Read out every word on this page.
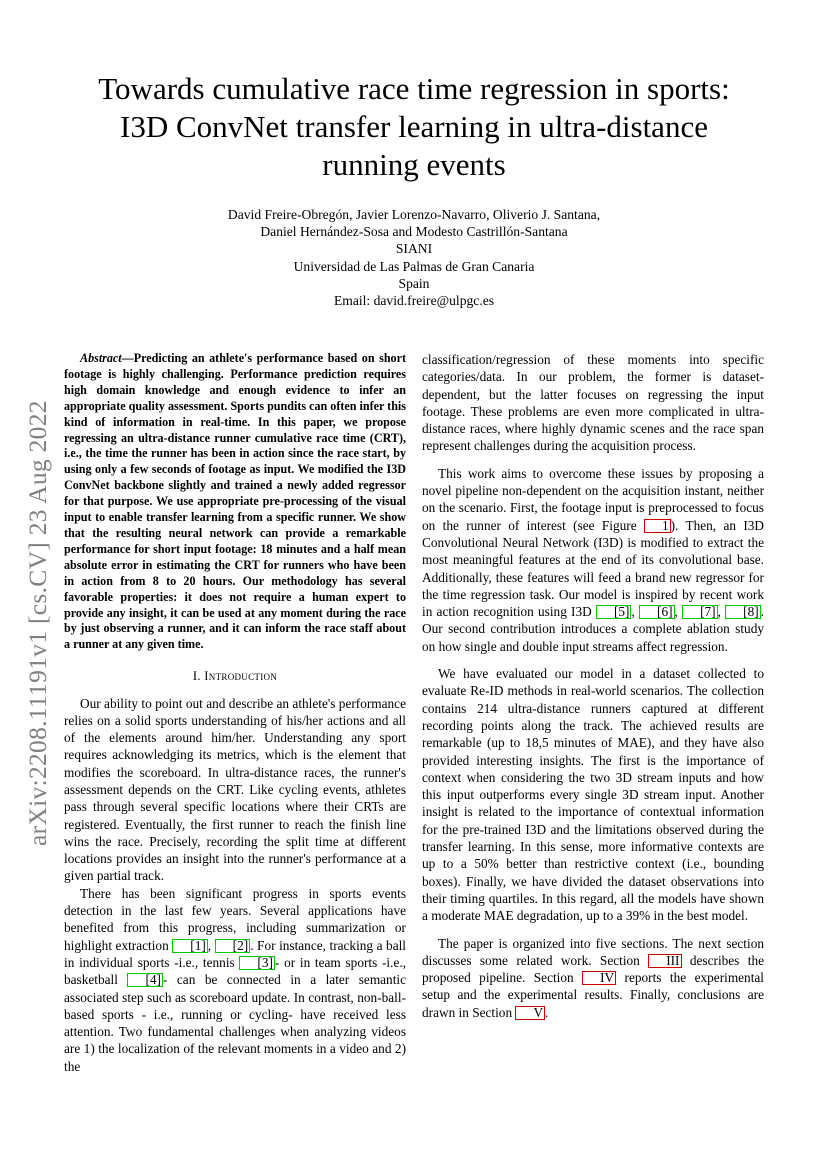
Towards cumulative race time regression in sports:
I3D ConvNet transfer learning in ultra-distance
running events
David Freire-Obregón, Javier Lorenzo-Navarro, Oliverio J. Santana,
Daniel Hernández-Sosa and Modesto Castrillón-Santana
SIANI
Universidad de Las Palmas de Gran Canaria
Spain
Email: david.freire@ulpgc.es
arXiv:2208.11191v1 [cs.CV] 23 Aug 2022
Abstract—Predicting an athlete's performance based on short footage is highly challenging. Performance prediction requires high domain knowledge and enough evidence to infer an appropriate quality assessment. Sports pundits can often infer this kind of information in real-time. In this paper, we propose regressing an ultra-distance runner cumulative race time (CRT), i.e., the time the runner has been in action since the race start, by using only a few seconds of footage as input. We modified the I3D ConvNet backbone slightly and trained a newly added regressor for that purpose. We use appropriate pre-processing of the visual input to enable transfer learning from a specific runner. We show that the resulting neural network can provide a remarkable performance for short input footage: 18 minutes and a half mean absolute error in estimating the CRT for runners who have been in action from 8 to 20 hours. Our methodology has several favorable properties: it does not require a human expert to provide any insight, it can be used at any moment during the race by just observing a runner, and it can inform the race staff about a runner at any given time.
I. Introduction

Our ability to point out and describe an athlete's performance relies on a solid sports understanding of his/her actions and all of the elements around him/her. Understanding any sport requires acknowledging its metrics, which is the element that modifies the scoreboard. In ultra-distance races, the runner's assessment depends on the CRT. Like cycling events, athletes pass through several specific locations where their CRTs are registered. Eventually, the first runner to reach the finish line wins the race. Precisely, recording the split time at different locations provides an insight into the runner's performance at a given partial track.

There has been significant progress in sports events detection in the last few years. Several applications have benefited from this progress, including summarization or highlight extraction [1] , [2] . For instance, tracking a ball in individual sports -i.e., tennis [3] - or in team sports -i.e., basketball [4] - can be connected in a later semantic associated step such as scoreboard update. In contrast, non-ball-based sports - i.e., running or cycling- have received less attention. Two fundamental challenges when analyzing videos are 1) the localization of the relevant moments in a video and 2) the

classification/regression of these moments into specific categories/data. In our problem, the former is dataset-dependent, but the latter focuses on regressing the input footage. These problems are even more complicated in ultra-distance races, where highly dynamic scenes and the race span represent challenges during the acquisition process.

This work aims to overcome these issues by proposing a novel pipeline non-dependent on the acquisition instant, neither on the scenario. First, the footage input is preprocessed to focus on the runner of interest (see Figure 1 ). Then, an I3D Convolutional Neural Network (I3D) is modified to extract the most meaningful features at the end of its convolutional base. Additionally, these features will feed a brand new regressor for the time regression task. Our model is inspired by recent work in action recognition using I3D [5] , [6] , [7] , [8] . Our second contribution introduces a complete ablation study on how single and double input streams affect regression.

We have evaluated our model in a dataset collected to evaluate Re-ID methods in real-world scenarios. The collection contains 214 ultra-distance runners captured at different recording points along the track. The achieved results are remarkable (up to 18,5 minutes of MAE), and they have also provided interesting insights. The first is the importance of context when considering the two 3D stream inputs and how this input outperforms every single 3D stream input. Another insight is related to the importance of contextual information for the pre-trained I3D and the limitations observed during the transfer learning. In this sense, more informative contexts are up to a 50% better than restrictive context (i.e., bounding boxes). Finally, we have divided the dataset observations into their timing quartiles. In this regard, all the models have shown a moderate MAE degradation, up to a 39% in the best model.

The paper is organized into five sections. The next section discusses some related work. Section III describes the proposed pipeline. Section IV reports the experimental setup and the experimental results. Finally, conclusions are drawn in Section V .
